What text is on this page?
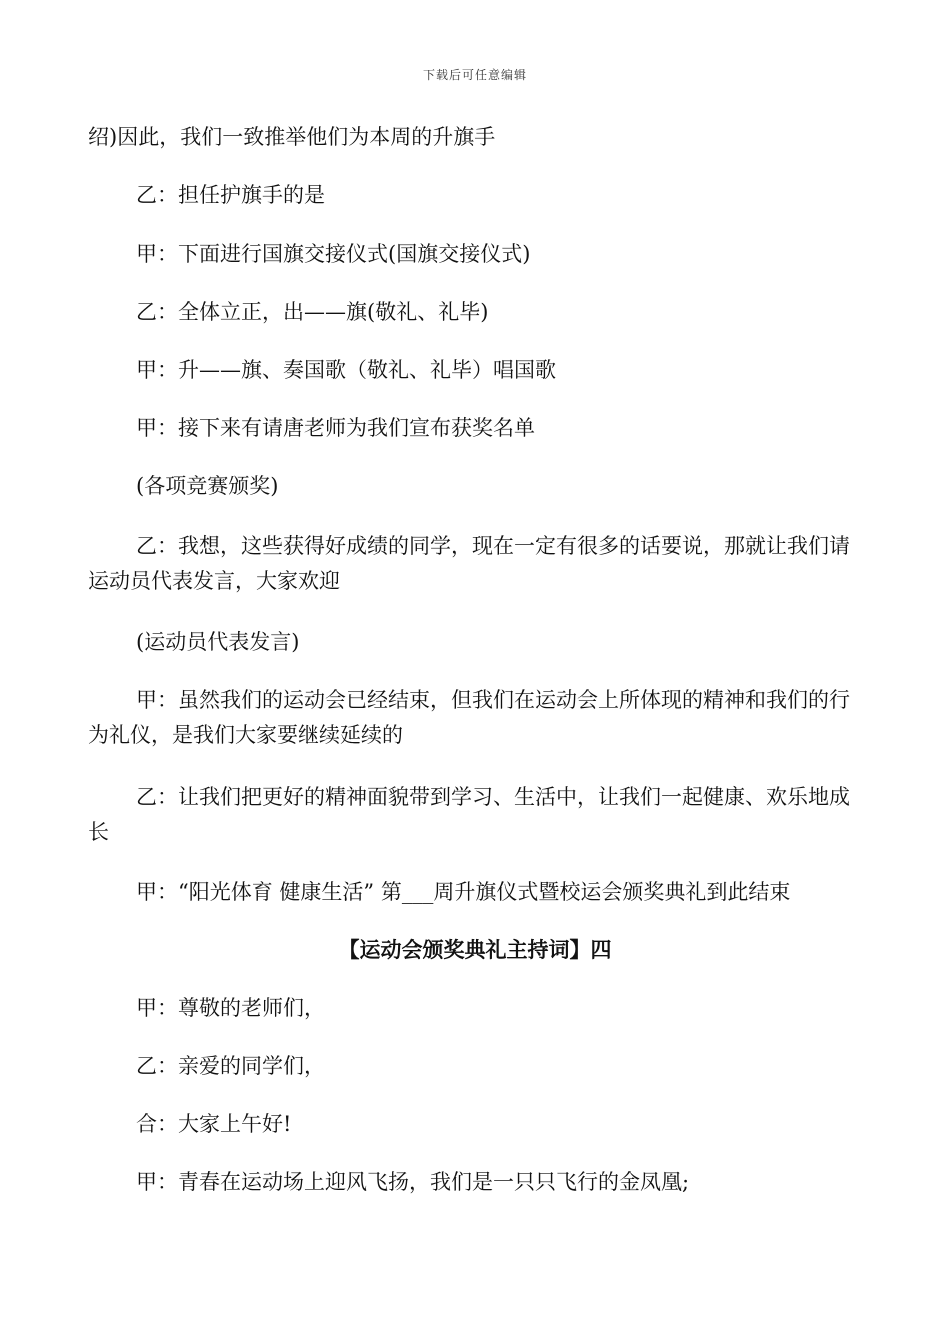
下载后可任意编辑
绍)因此，我们一致推举他们为本周的升旗手
乙：担任护旗手的是
甲：下面进行国旗交接仪式(国旗交接仪式)
乙：全体立正，出——旗(敬礼、礼毕)
甲：升——旗、奏国歌（敬礼、礼毕）唱国歌
甲：接下来有请唐老师为我们宣布获奖名单
(各项竞赛颁奖)
乙：我想，这些获得好成绩的同学，现在一定有很多的话要说，那就让我们请运动员代表发言，大家欢迎
(运动员代表发言)
甲：虽然我们的运动会已经结束，但我们在运动会上所体现的精神和我们的行为礼仪，是我们大家要继续延续的
乙：让我们把更好的精神面貌带到学习、生活中，让我们一起健康、欢乐地成长
甲：“阳光体育 健康生活” 第___周升旗仪式暨校运会颁奖典礼到此结束
【运动会颁奖典礼主持词】四
甲：尊敬的老师们，
乙：亲爱的同学们，
合：大家上午好!
甲：青春在运动场上迎风飞扬，我们是一只只飞行的金凤凰;
